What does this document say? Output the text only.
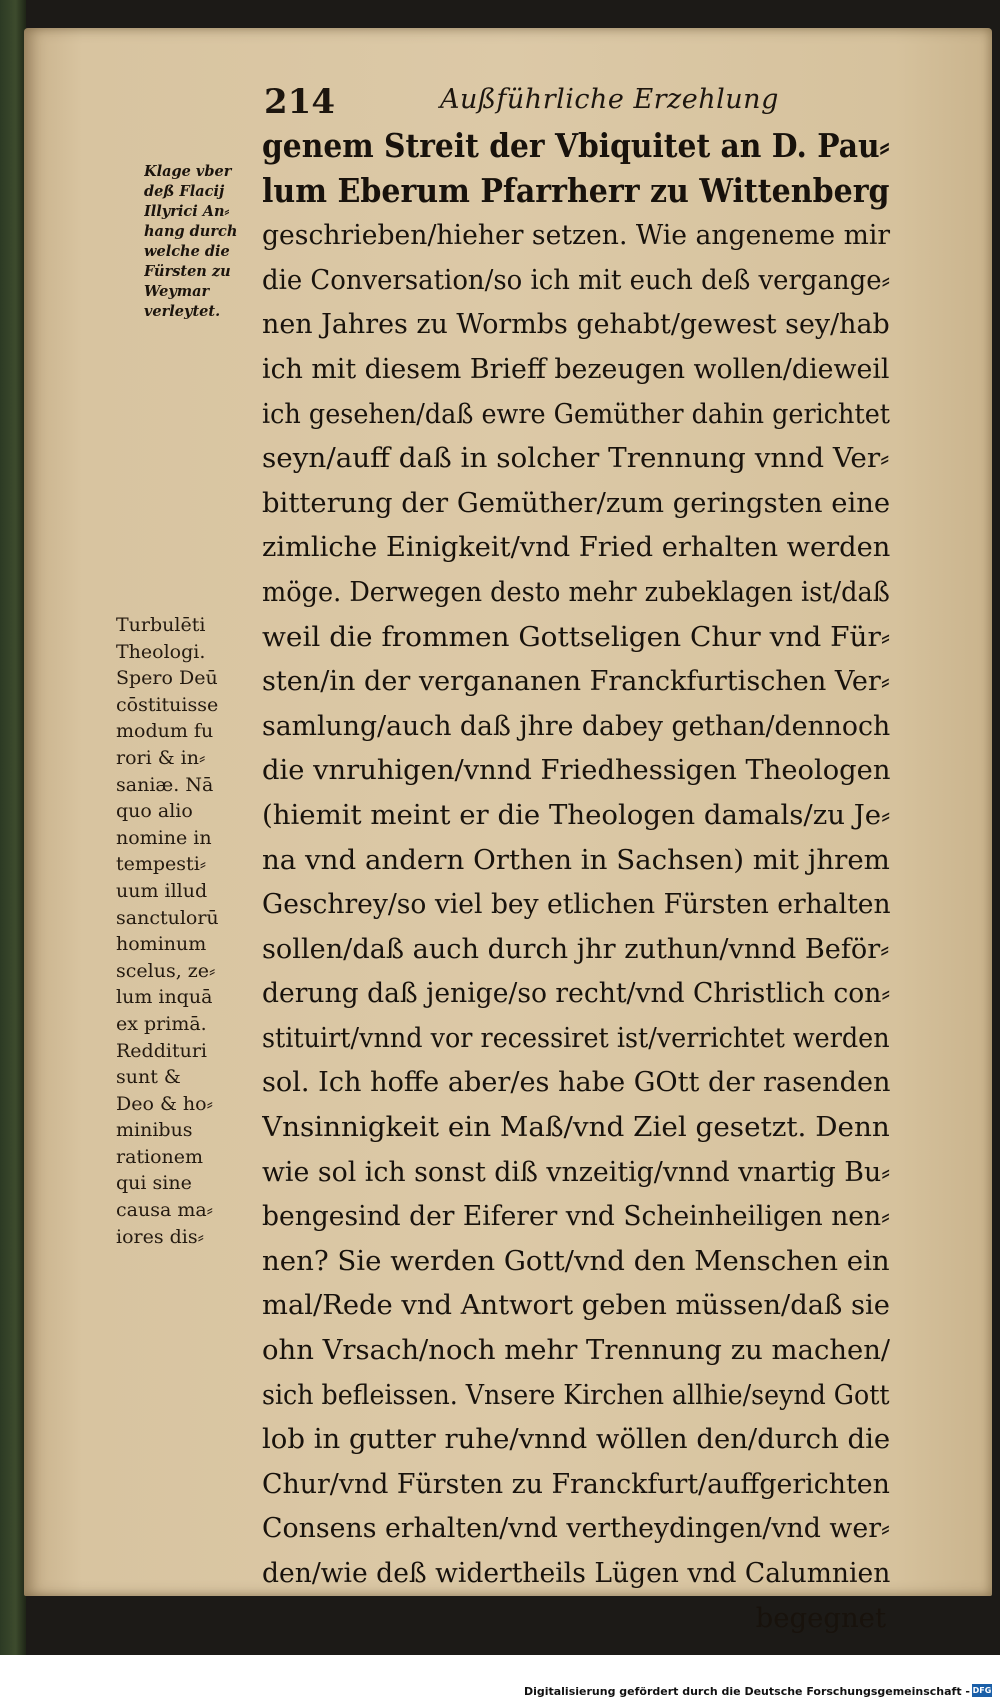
214	Außführliche Erzehlung
Klage vber
deß Flacij
Illyrici An⸗
hang durch
welche die
Fürsten zu
Weymar
verleytet.
Turbulēti
Theologi.
Spero Deū
cōstituisse
modum fu
rori & in⸗
saniæ. Nā
quo alio
nomine in
tempesti⸗
uum illud
sanctulorū
hominum
scelus, ze⸗
lum inquā
ex primā.
Reddituri
sunt &
Deo & ho⸗
minibus
rationem
qui sine
causa ma⸗
iores dis⸗
genem Streit der Vbiquitet an D. Pau⸗
lum Eberum Pfarrherr zu Wittenberg
geschrieben/hieher setzen. Wie angeneme mir
die Conversation/so ich mit euch deß vergange⸗
nen Jahres zu Wormbs gehabt/gewest sey/hab
ich mit diesem Brieff bezeugen wollen/dieweil
ich gesehen/daß ewre Gemüther dahin gerichtet
seyn/auff daß in solcher Trennung vnnd Ver⸗
bitterung der Gemüther/zum geringsten eine
zimliche Einigkeit/vnd Fried erhalten werden
möge. Derwegen desto mehr zubeklagen ist/daß
weil die frommen Gottseligen Chur vnd Für⸗
sten/in der vergananen Franckfurtischen Ver⸗
samlung/auch daß jhre dabey gethan/dennoch
die vnruhigen/vnnd Friedhessigen Theologen
(hiemit meint er die Theologen damals/zu Je⸗
na vnd andern Orthen in Sachsen) mit jhrem
Geschrey/so viel bey etlichen Fürsten erhalten
sollen/daß auch durch jhr zuthun/vnnd Beför⸗
derung daß jenige/so recht/vnd Christlich con⸗
stituirt/vnnd vor recessiret ist/verrichtet werden
sol. Ich hoffe aber/es habe GOtt der rasenden
Vnsinnigkeit ein Maß/vnd Ziel gesetzt. Denn
wie sol ich sonst diß vnzeitig/vnnd vnartig Bu⸗
bengesind der Eiferer vnd Scheinheiligen nen⸗
nen? Sie werden Gott/vnd den Menschen ein
mal/Rede vnd Antwort geben müssen/daß sie
ohn Vrsach/noch mehr Trennung zu machen/
sich befleissen. Vnsere Kirchen allhie/seynd Gott
lob in gutter ruhe/vnnd wöllen den/durch die
Chur/vnd Fürsten zu Franckfurt/auffgerichten
Consens erhalten/vnd vertheydingen/vnd wer⸗
den/wie deß widertheils Lügen vnd Calumnien
begegnet
Digitalisierung gefördert durch die Deutsche Forschungsgemeinschaft - DFG
